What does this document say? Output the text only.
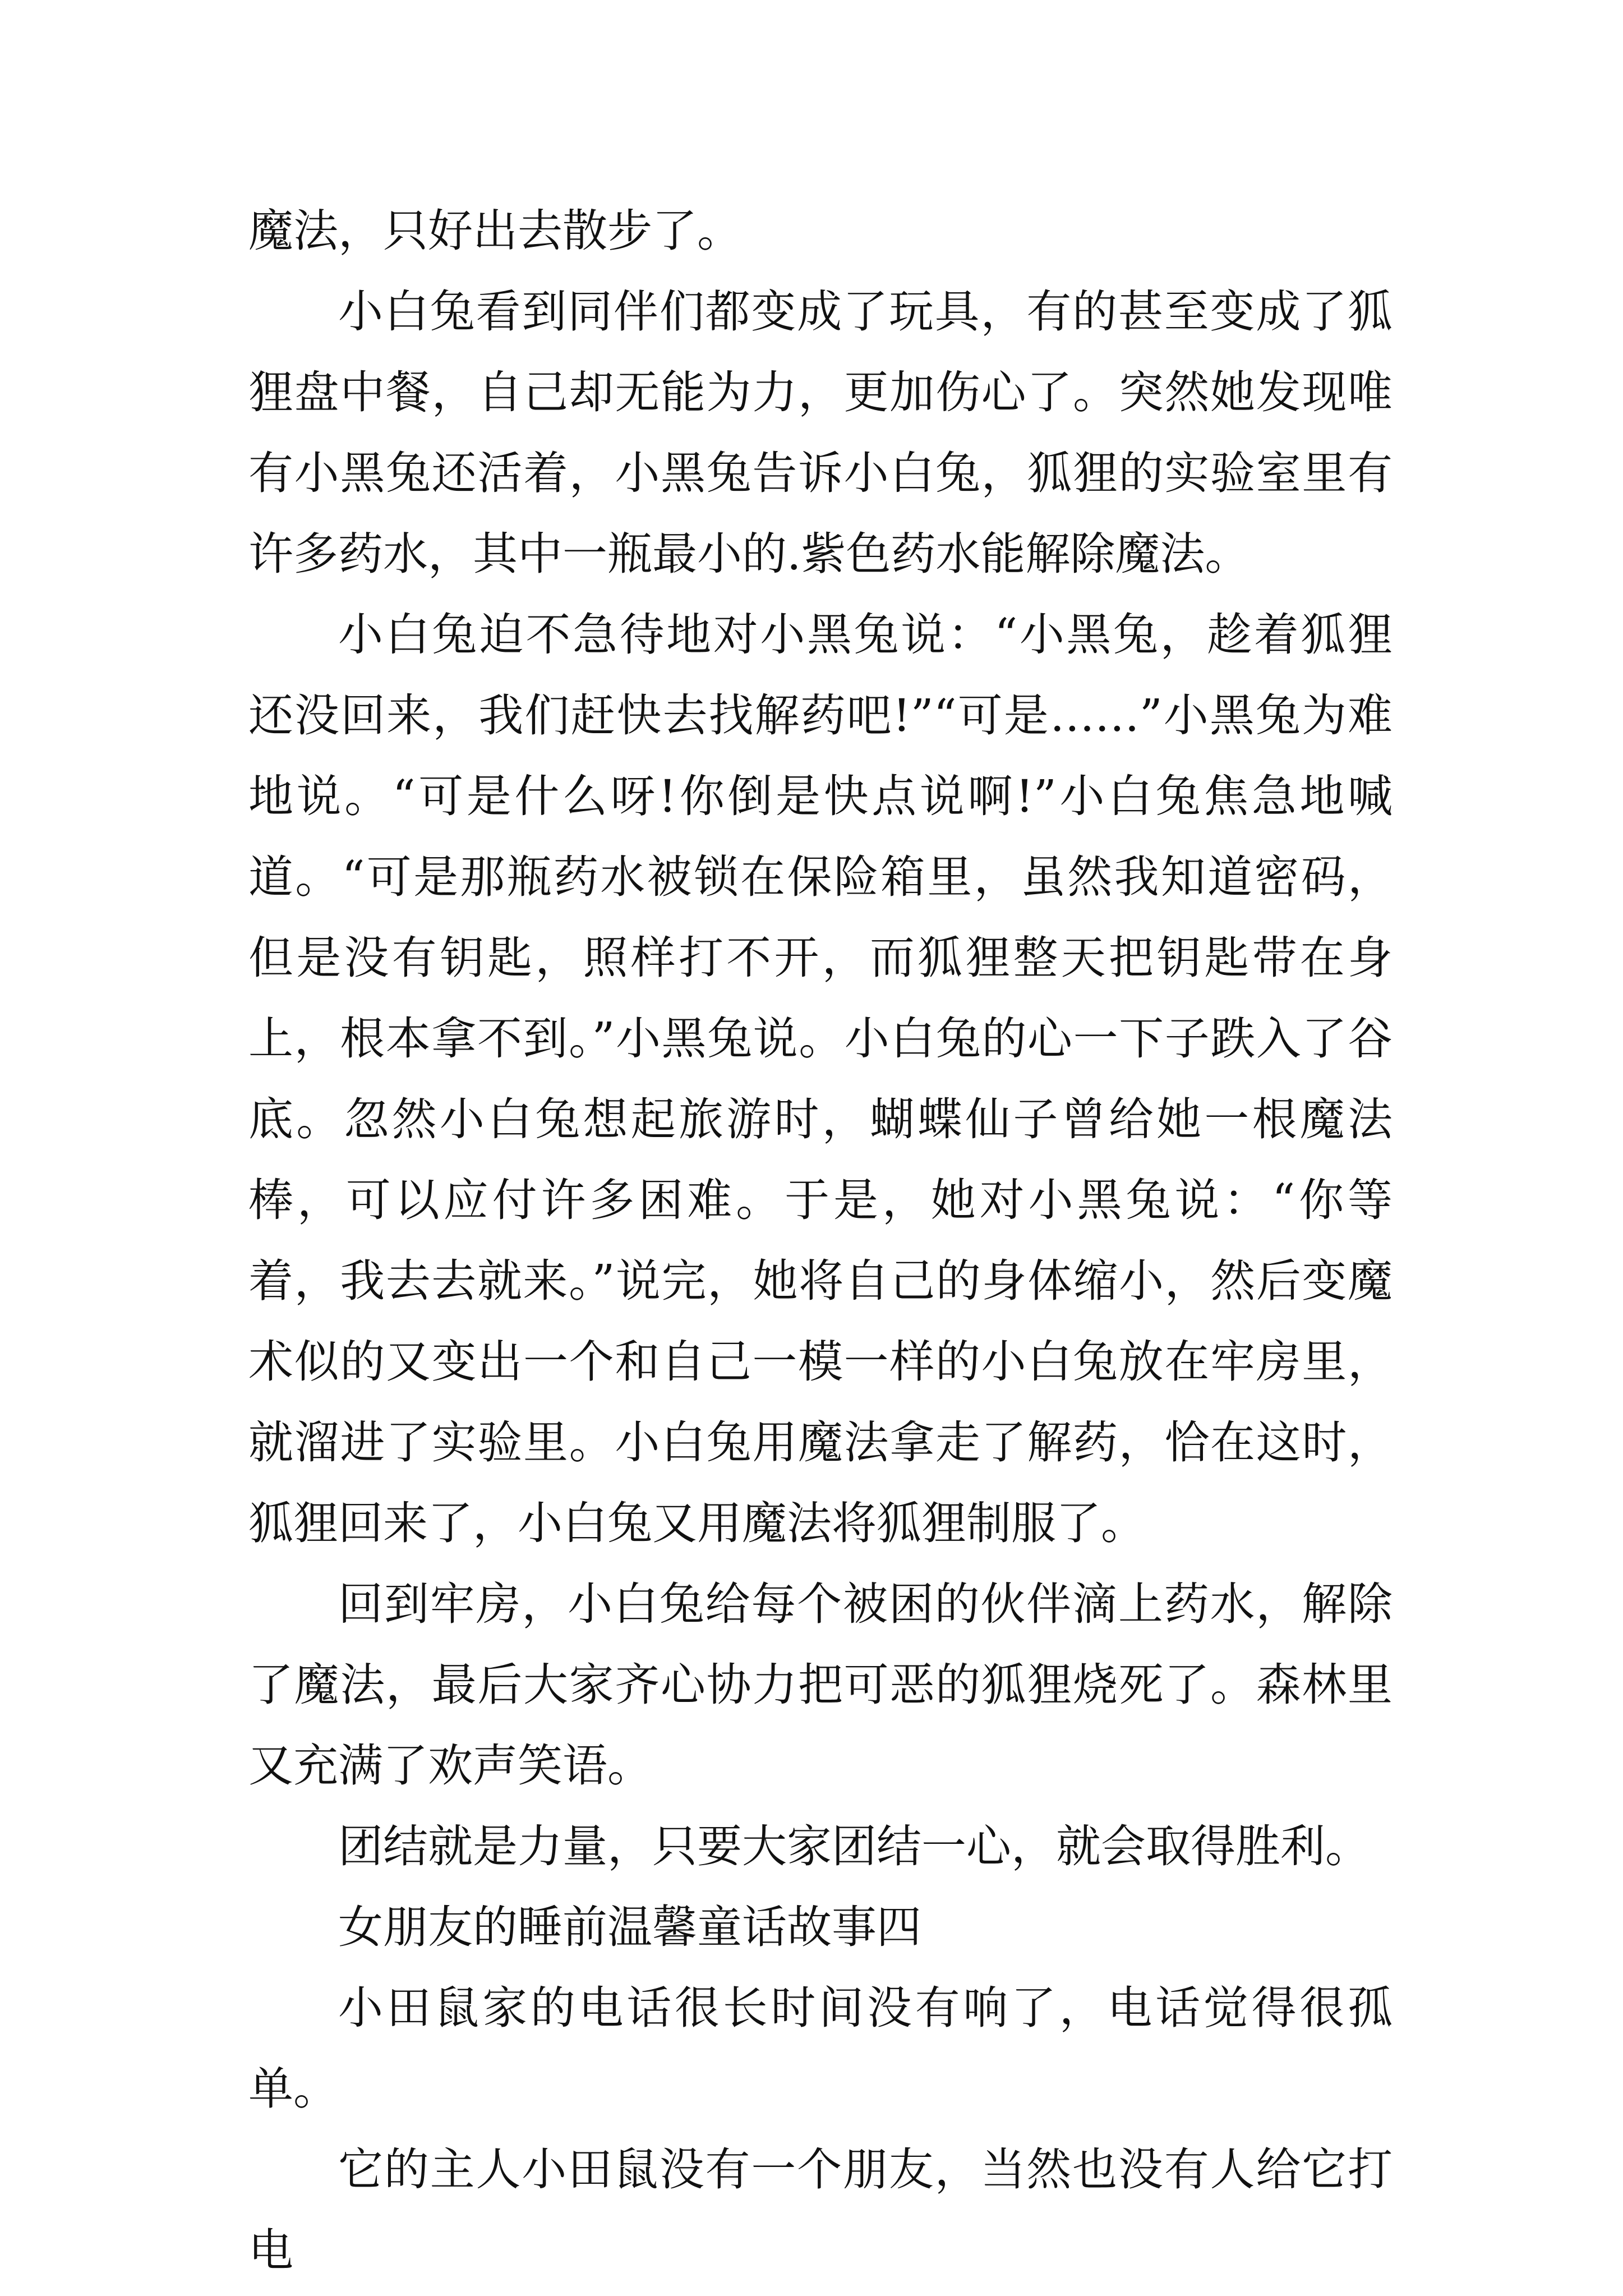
魔法，只好出去散步了。

小白兔看到同伴们都变成了玩具，有的甚至变成了狐狸盘中餐，自己却无能为力，更加伤心了。突然她发现唯有小黑兔还活着，小黑兔告诉小白兔，狐狸的实验室里有许多药水，其中一瓶最小的.紫色药水能解除魔法。

小白兔迫不急待地对小黑兔说：“小黑兔，趁着狐狸还没回来，我们赶快去找解药吧!”“可是……”小黑兔为难地说。“可是什么呀!你倒是快点说啊!”小白兔焦急地喊道。“可是那瓶药水被锁在保险箱里，虽然我知道密码，但是没有钥匙，照样打不开，而狐狸整天把钥匙带在身上，根本拿不到。”小黑兔说。小白兔的心一下子跌入了谷底。忽然小白兔想起旅游时，蝴蝶仙子曾给她一根魔法棒，可以应付许多困难。于是，她对小黑兔说：“你等着，我去去就来。”说完，她将自己的身体缩小，然后变魔术似的又变出一个和自己一模一样的小白兔放在牢房里，就溜进了实验里。小白兔用魔法拿走了解药，恰在这时，狐狸回来了，小白兔又用魔法将狐狸制服了。

回到牢房，小白兔给每个被困的伙伴滴上药水，解除了魔法，最后大家齐心协力把可恶的狐狸烧死了。森林里又充满了欢声笑语。

团结就是力量，只要大家团结一心，就会取得胜利。

女朋友的睡前温馨童话故事四

小田鼠家的电话很长时间没有响了，电话觉得很孤单。

它的主人小田鼠没有一个朋友，当然也没有人给它打电
